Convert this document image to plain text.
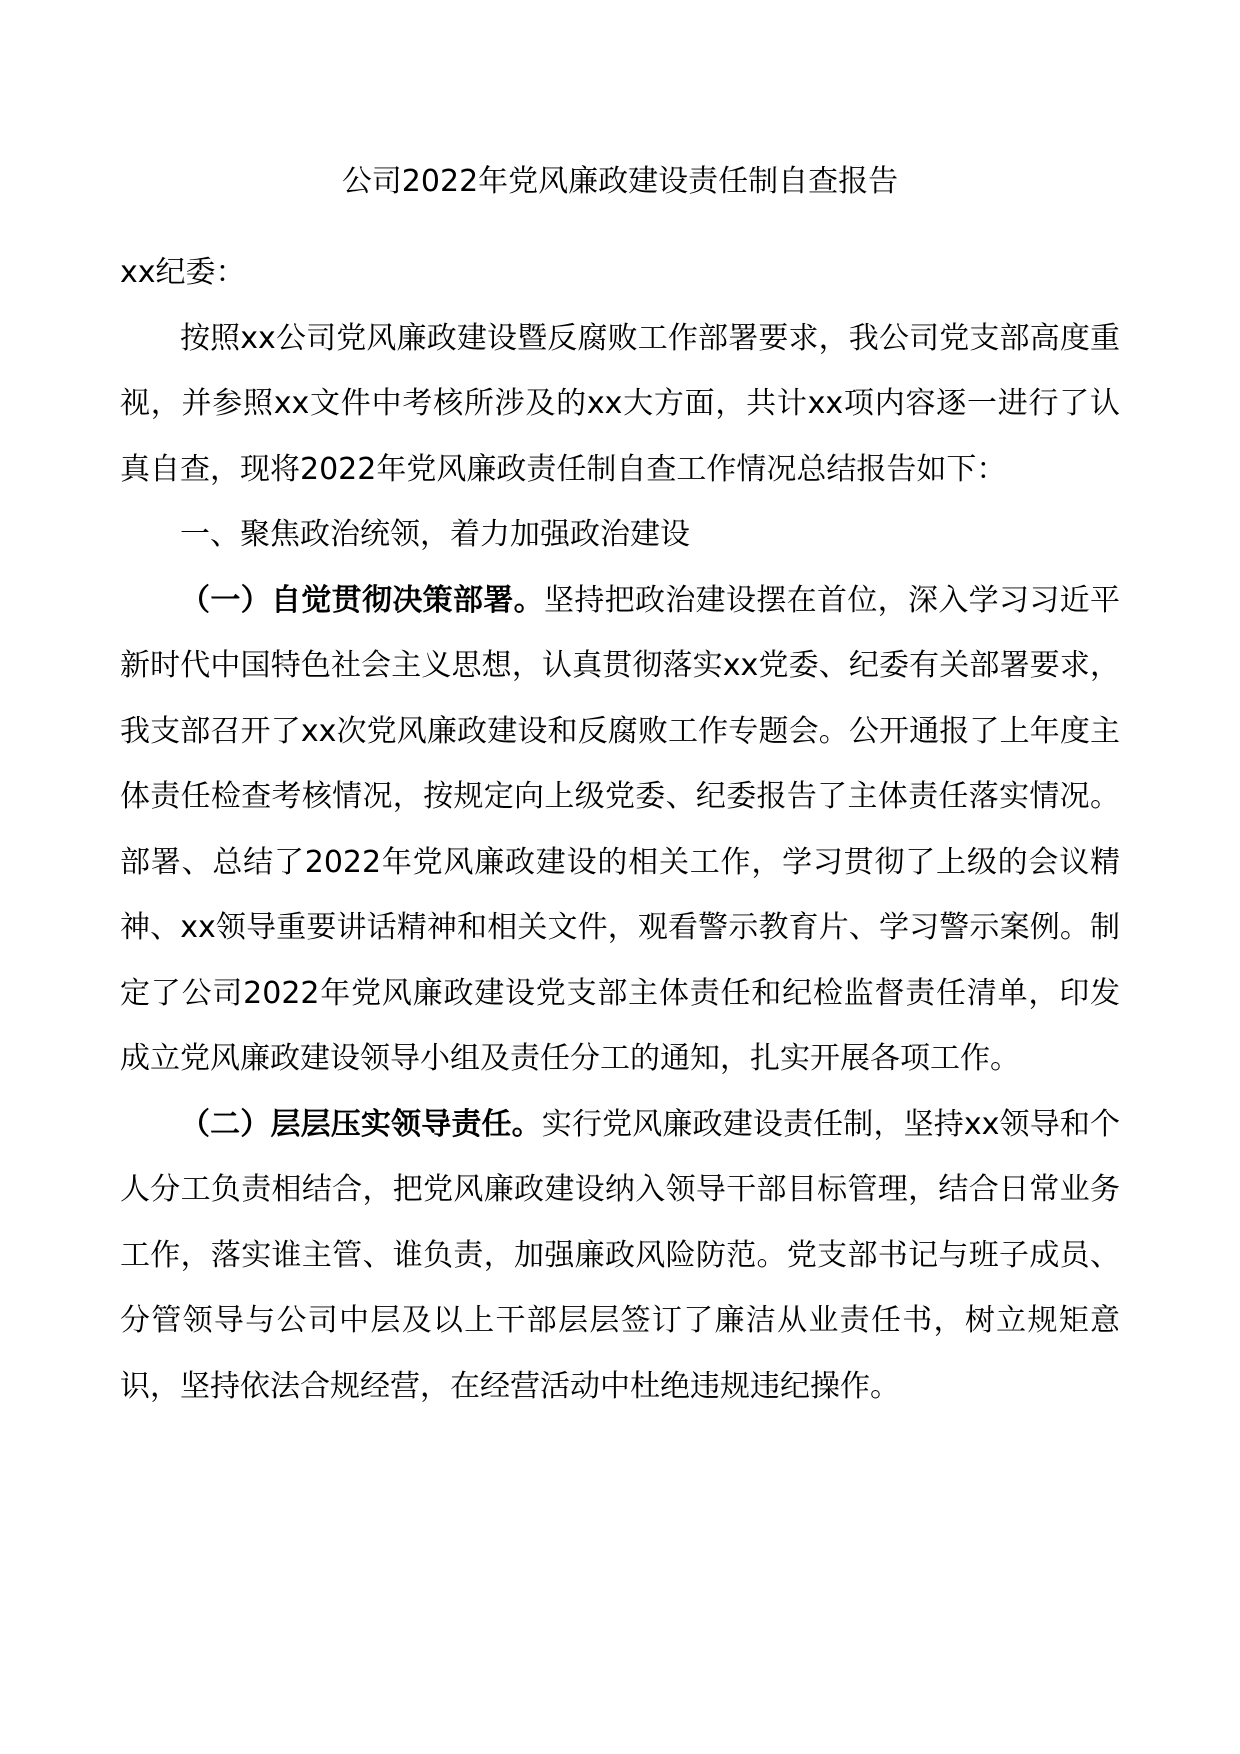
公司2022年党风廉政建设责任制自查报告

xx纪委：

按照xx公司党风廉政建设暨反腐败工作部署要求，我公司党支部高度重视，并参照xx文件中考核所涉及的xx大方面，共计xx项内容逐一进行了认真自查，现将2022年党风廉政责任制自查工作情况总结报告如下：

一、聚焦政治统领，着力加强政治建设

（一）自觉贯彻决策部署。坚持把政治建设摆在首位，深入学习习近平新时代中国特色社会主义思想，认真贯彻落实xx党委、纪委有关部署要求，我支部召开了xx次党风廉政建设和反腐败工作专题会。公开通报了上年度主体责任检查考核情况，按规定向上级党委、纪委报告了主体责任落实情况。部署、总结了2022年党风廉政建设的相关工作，学习贯彻了上级的会议精神、xx领导重要讲话精神和相关文件，观看警示教育片、学习警示案例。制定了公司2022年党风廉政建设党支部主体责任和纪检监督责任清单，印发成立党风廉政建设领导小组及责任分工的通知，扎实开展各项工作。

（二）层层压实领导责任。实行党风廉政建设责任制，坚持xx领导和个人分工负责相结合，把党风廉政建设纳入领导干部目标管理，结合日常业务工作，落实谁主管、谁负责，加强廉政风险防范。党支部书记与班子成员、分管领导与公司中层及以上干部层层签订了廉洁从业责任书，树立规矩意识，坚持依法合规经营，在经营活动中杜绝违规违纪操作。
